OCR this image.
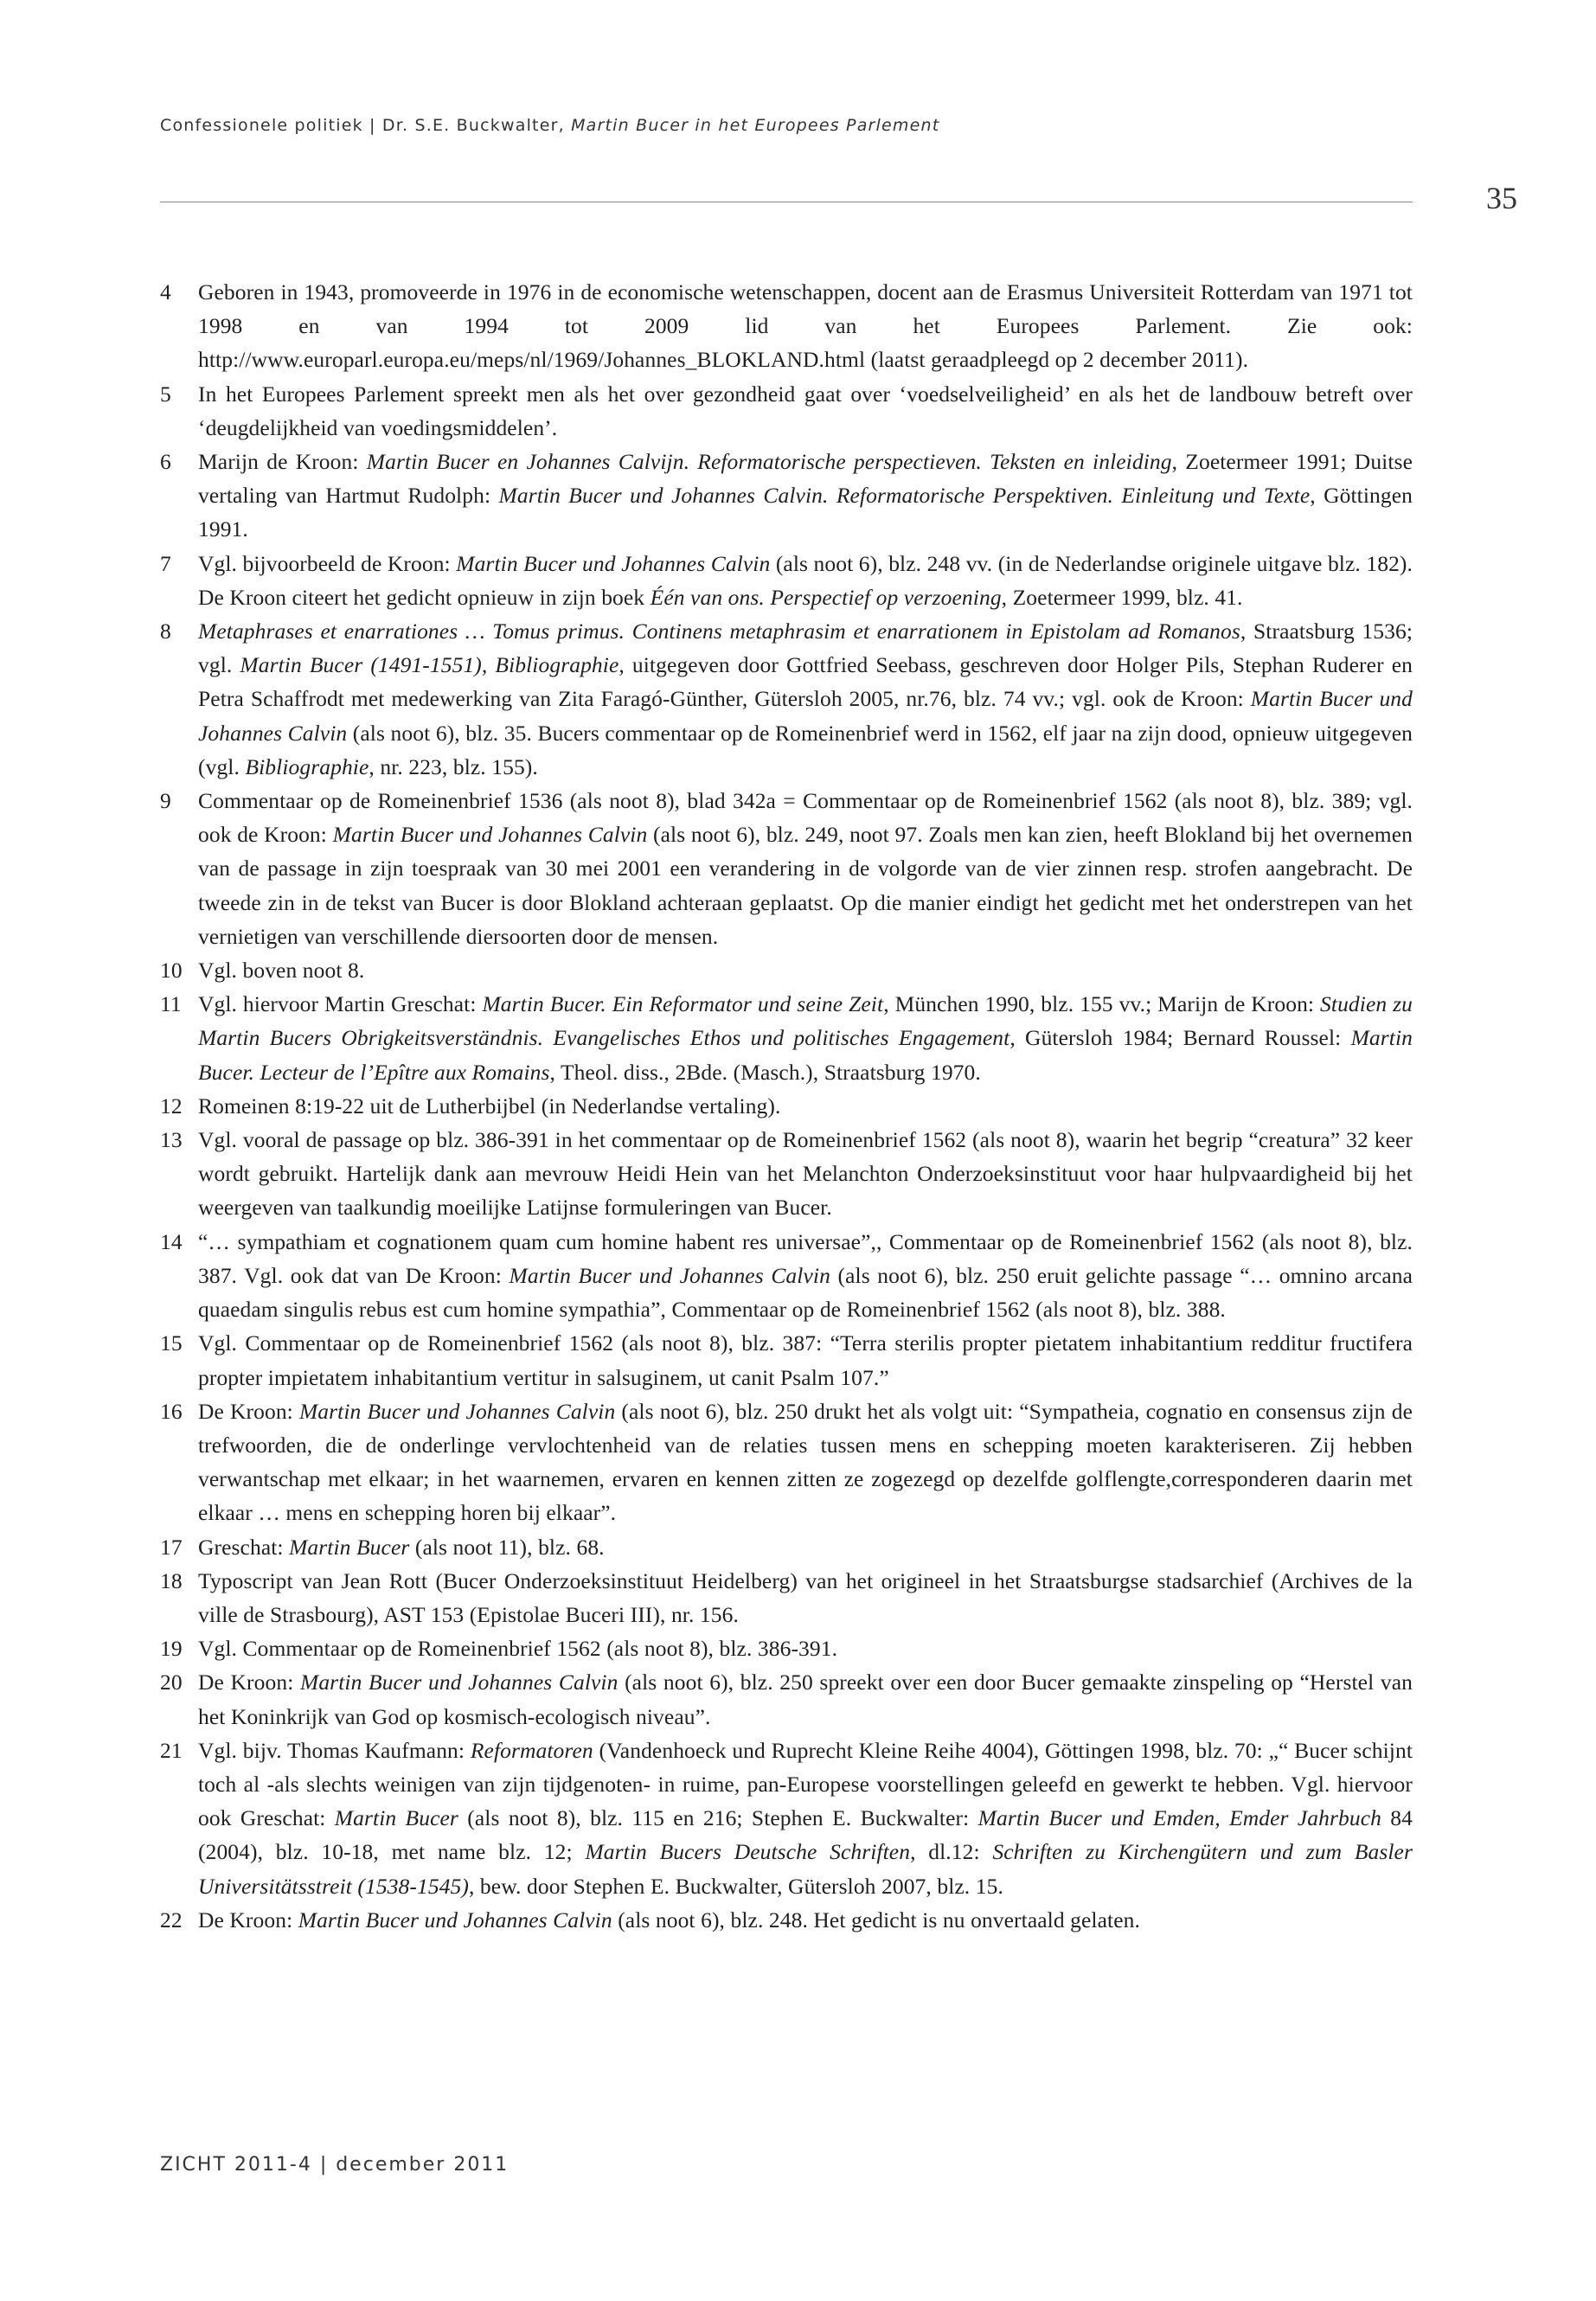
Confessionele politiek | Dr. S.E. Buckwalter, Martin Bucer in het Europees Parlement
35
4	Geboren in 1943, promoveerde in 1976 in de economische wetenschappen, docent aan de Erasmus Universiteit Rotterdam van 1971 tot 1998 en van 1994 tot 2009 lid van het Europees Parlement. Zie ook: http://www.europarl.europa.eu/meps/nl/1969/Johannes_BLOKLAND.html (laatst geraadpleegd op 2 december 2011).
5	In het Europees Parlement spreekt men als het over gezondheid gaat over ‘voedselveiligheid’ en als het de landbouw betreft over ‘deugdelijkheid van voedingsmiddelen’.
6	Marijn de Kroon: Martin Bucer en Johannes Calvijn. Reformatorische perspectieven. Teksten en inleiding, Zoetermeer 1991; Duitse vertaling van Hartmut Rudolph: Martin Bucer und Johannes Calvin. Reformatorische Perspektiven. Einleitung und Texte, Göttingen 1991.
7	Vgl. bijvoorbeeld de Kroon: Martin Bucer und Johannes Calvin (als noot 6), blz. 248 vv. (in de Nederlandse originele uitgave blz. 182). De Kroon citeert het gedicht opnieuw in zijn boek Één van ons. Perspectief op verzoening, Zoetermeer 1999, blz. 41.
8	Metaphrases et enarrationes … Tomus primus. Continens metaphrasim et enarrationem in Epistolam ad Romanos, Straatsburg 1536; vgl. Martin Bucer (1491-1551), Bibliographie, uitgegeven door Gottfried Seebass, geschreven door Holger Pils, Stephan Ruderer en Petra Schaffrodt met medewerking van Zita Faragó-Günther, Gütersloh 2005, nr.76, blz. 74 vv.; vgl. ook de Kroon: Martin Bucer und Johannes Calvin (als noot 6), blz. 35. Bucers commentaar op de Romeinenbrief werd in 1562, elf jaar na zijn dood, opnieuw uitgegeven (vgl. Bibliographie, nr. 223, blz. 155).
9	Commentaar op de Romeinenbrief 1536 (als noot 8), blad 342a = Commentaar op de Romeinenbrief 1562 (als noot 8), blz. 389; vgl. ook de Kroon: Martin Bucer und Johannes Calvin (als noot 6), blz. 249, noot 97. Zoals men kan zien, heeft Blokland bij het overnemen van de passage in zijn toespraak van 30 mei 2001 een verandering in de volgorde van de vier zinnen resp. strofen aangebracht. De tweede zin in de tekst van Bucer is door Blokland achteraan geplaatst. Op die manier eindigt het gedicht met het onderstrepen van het vernietigen van verschillende diersoorten door de mensen.
10 Vgl. boven noot 8.
11 Vgl. hiervoor Martin Greschat: Martin Bucer. Ein Reformator und seine Zeit, München 1990, blz. 155 vv.; Marijn de Kroon: Studien zu Martin Bucers Obrigkeitsverständnis. Evangelisches Ethos und politisches Engagement, Gütersloh 1984; Bernard Roussel: Martin Bucer. Lecteur de l’Epître aux Romains, Theol. diss., 2Bde. (Masch.), Straatsburg 1970.
12 Romeinen 8:19-22 uit de Lutherbijbel (in Nederlandse vertaling).
13 Vgl. vooral de passage op blz. 386-391 in het commentaar op de Romeinenbrief 1562 (als noot 8), waarin het begrip “creatura” 32 keer wordt gebruikt. Hartelijk dank aan mevrouw Heidi Hein van het Melanchton Onderzoeksinstituut voor haar hulpvaardigheid bij het weergeven van taalkundig moeilijke Latijnse formuleringen van Bucer.
14 “… sympathiam et cognationem quam cum homine habent res universae”,, Commentaar op de Romeinenbrief 1562 (als noot 8), blz. 387. Vgl. ook dat van De Kroon: Martin Bucer und Johannes Calvin (als noot 6), blz. 250 eruit gelichte passage “… omnino arcana quaedam singulis rebus est cum homine sympathia”, Commentaar op de Romeinenbrief 1562 (als noot 8), blz. 388.
15 Vgl. Commentaar op de Romeinenbrief 1562 (als noot 8), blz. 387: “Terra sterilis propter pietatem inhabitantium redditur fructifera propter impietatem inhabitantium vertitur in salsuginem, ut canit Psalm 107.”
16 De Kroon: Martin Bucer und Johannes Calvin (als noot 6), blz. 250 drukt het als volgt uit: “Sympatheia, cognatio en consensus zijn de trefwoorden, die de onderlinge vervlochtenheid van de relaties tussen mens en schepping moeten karakteriseren. Zij hebben verwantschap met elkaar; in het waarnemen, ervaren en kennen zitten ze zogezegd op dezelfde golflengte,corresponderen daarin met elkaar … mens en schepping horen bij elkaar”.
17 Greschat: Martin Bucer (als noot 11), blz. 68.
18 Typoscript van Jean Rott (Bucer Onderzoeksinstituut Heidelberg) van het origineel in het Straatsburgse stadsarchief (Archives de la ville de Strasbourg), AST 153 (Epistolae Buceri III), nr. 156.
19 Vgl. Commentaar op de Romeinenbrief 1562 (als noot 8), blz. 386-391.
20 De Kroon: Martin Bucer und Johannes Calvin (als noot 6), blz. 250 spreekt over een door Bucer gemaakte zinspeling op “Herstel van het Koninkrijk van God op kosmisch-ecologisch niveau”.
21 Vgl. bijv. Thomas Kaufmann: Reformatoren (Vandenhoeck und Ruprecht Kleine Reihe 4004), Göttingen 1998, blz. 70: „“ Bucer schijnt toch al -als slechts weinigen van zijn tijdgenoten- in ruime, pan-Europese voorstellingen geleefd en gewerkt te hebben. Vgl. hiervoor ook Greschat: Martin Bucer (als noot 8), blz. 115 en 216; Stephen E. Buckwalter: Martin Bucer und Emden, Emder Jahrbuch 84 (2004), blz. 10-18, met name blz. 12; Martin Bucers Deutsche Schriften, dl.12: Schriften zu Kirchengütern und zum Basler Universitätsstreit (1538-1545), bew. door Stephen E. Buckwalter, Gütersloh 2007, blz. 15.
22 De Kroon: Martin Bucer und Johannes Calvin (als noot 6), blz. 248. Het gedicht is nu onvertaald gelaten.
ZICHT 2011-4 | december 2011
